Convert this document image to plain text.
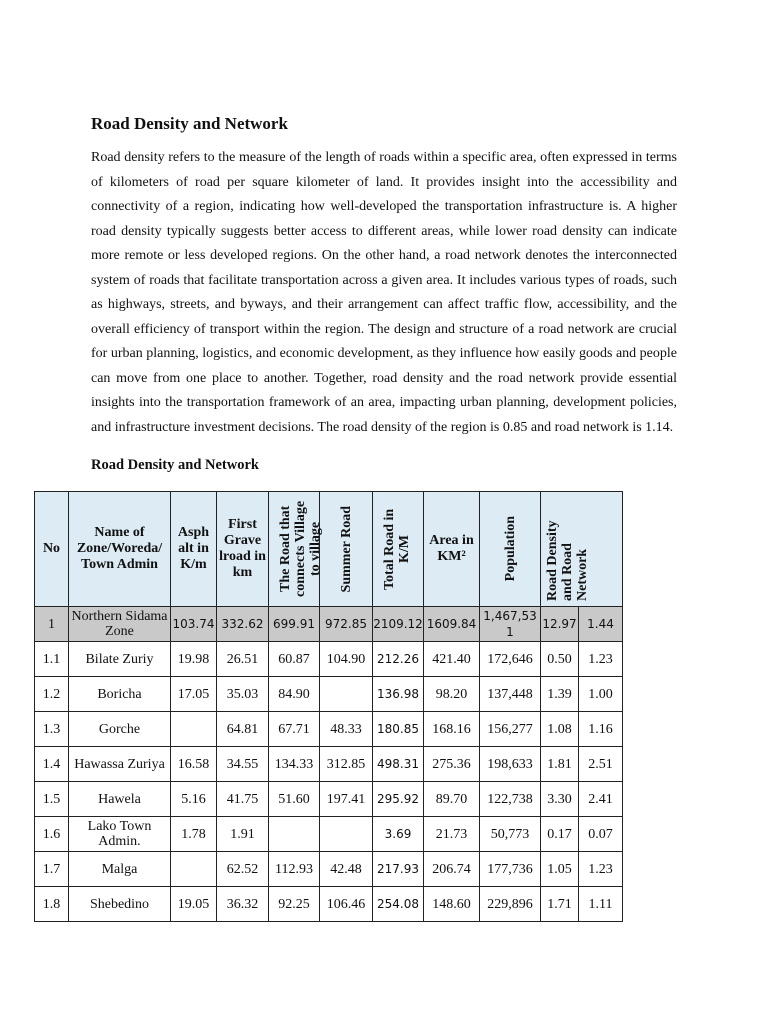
Road Density and Network

Road density refers to the measure of the length of roads within a specific area, often expressed in terms of kilometers of road per square kilometer of land. It provides insight into the accessibility and connectivity of a region, indicating how well-developed the transportation infrastructure is. A higher road density typically suggests better access to different areas, while lower road density can indicate more remote or less developed regions. On the other hand, a road network denotes the interconnected system of roads that facilitate transportation across a given area. It includes various types of roads, such as highways, streets, and byways, and their arrangement can affect traffic flow, accessibility, and the overall efficiency of transport within the region. The design and structure of a road network are crucial for urban planning, logistics, and economic development, as they influence how easily goods and people can move from one place to another. Together, road density and the road network provide essential insights into the transportation framework of an area, impacting urban planning, development policies, and infrastructure investment decisions. The road density of the region is 0.85 and road network is 1.14.

Road Density and Network
No	Name of Zone/Woreda/ Town Admin	Asph alt in K/m	First Grave lroad in km	The Road that connects Village to village	Summer Road	Total Road in K/M	Area in KM²	Population	Road Density and Road Network	

1	Northern Sidama Zone	103.74	332.62	699.91	972.85	2109.12	1609.84	1,467,531	12.97	1.44
1.1	Bilate Zuriy	19.98	26.51	60.87	104.90	212.26	421.40	172,646	0.50	1.23
1.2	Boricha	17.05	35.03	84.90		136.98	98.20	137,448	1.39	1.00
1.3	Gorche		64.81	67.71	48.33	180.85	168.16	156,277	1.08	1.16
1.4	Hawassa Zuriya	16.58	34.55	134.33	312.85	498.31	275.36	198,633	1.81	2.51
1.5	Hawela	5.16	41.75	51.60	197.41	295.92	89.70	122,738	3.30	2.41
1.6	Lako Town Admin.	1.78	1.91			3.69	21.73	50,773	0.17	0.07
1.7	Malga		62.52	112.93	42.48	217.93	206.74	177,736	1.05	1.23
1.8	Shebedino	19.05	36.32	92.25	106.46	254.08	148.60	229,896	1.71	1.11
